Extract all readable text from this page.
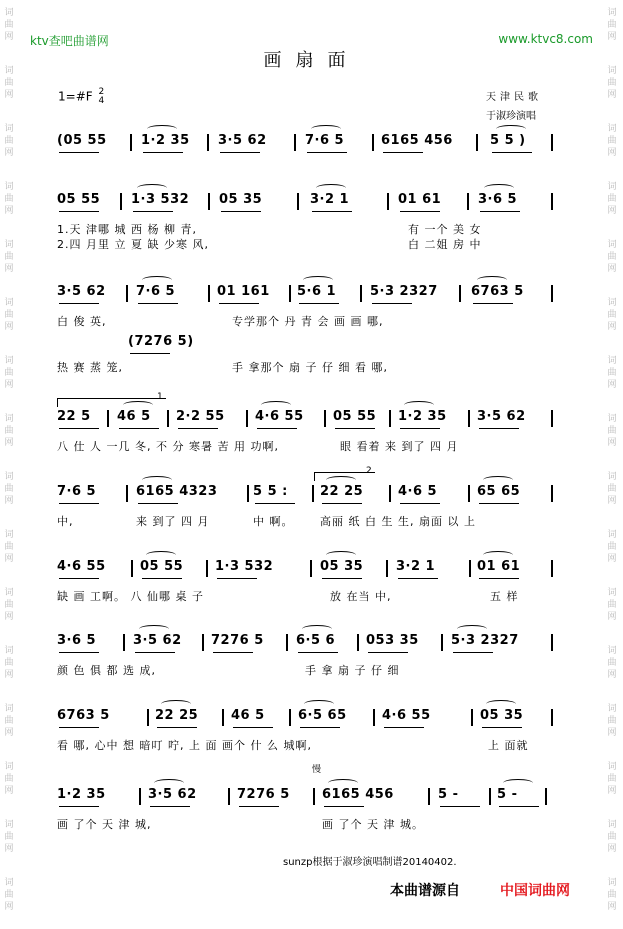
词
曲
网
词
曲
网
词
曲
网
词
曲
网
词
曲
网
词
曲
网
词
曲
网
词
曲
网
词
曲
网
词
曲
网
词
曲
网
词
曲
网
词
曲
网
词
曲
网
词
曲
网
词
曲
网
词
曲
网
词
曲
网
词
曲
网
词
曲
网
词
曲
网
词
曲
网
词
曲
网
词
曲
网
词
曲
网
词
曲
网
词
曲
网
词
曲
网
词
曲
网
词
曲
网
词
曲
网
词
曲
网
ktv查吧曲谱网	www.ktvc8.com
画扇面
1=#F 2
4	天津民歌
于淑珍演唱
(05 55	1·2 35 3·5 62	7·6 5	6165 456	5 5 )
05 55 1·3 532 05 35	3·2 1	01 61	3·6 5
1.天 津哪 城 西 杨 柳 青,	有 一个 美 女
2.四 月里 立 夏 缺 少寒 风,	白 二姐 房 中
3·5 62 7·6 5	01 161 5·6 1	5·3 2327	6763 5
白 俊 英,	专学那个 丹 青 会 画 画 哪,
(7276 5)
热 赛 蒸 笼,	手 拿那个 扇 子 仔 细 看 哪,
22 5 46 5 2·2 55 4·6 55 05 55 1·2 35 3·5 62
八 仕 人 一几 冬, 不 分 寒暑 苦 用 功啊,	眼 看着 来 到了 四 月
7·6 5	6165 4323	5 5 : 22 25	4·6 5	65 65
中,	来 到了 四 月	中 啊。 高丽 纸 白 生 生, 扇面 以 上
4·6 55	05 55 1·3 532	05 35	3·2 1	01 61
缺 画 工啊。 八 仙哪 桌 子	放 在当 中,	五 样
3·6 5	3·5 62 7276 5 6·5 6 053 35 5·3 2327
颜 色 俱 都 选 成,	手 拿 扇 子 仔 细
6763 5	22 25	46 5	6·5 65	4·6 55	05 35
看 哪, 心中 想 暗叮 咛, 上 面 画个 什 么 城啊,	上 面就
1·2 35	3·5 62	7276 5 6165 456	5 -	5 -
画 了个 天 津 城,	画 了个 天 津 城。
1
2
慢
sunzp根据于淑珍演唱制谱20140402.
本曲谱源自	中国词曲网
